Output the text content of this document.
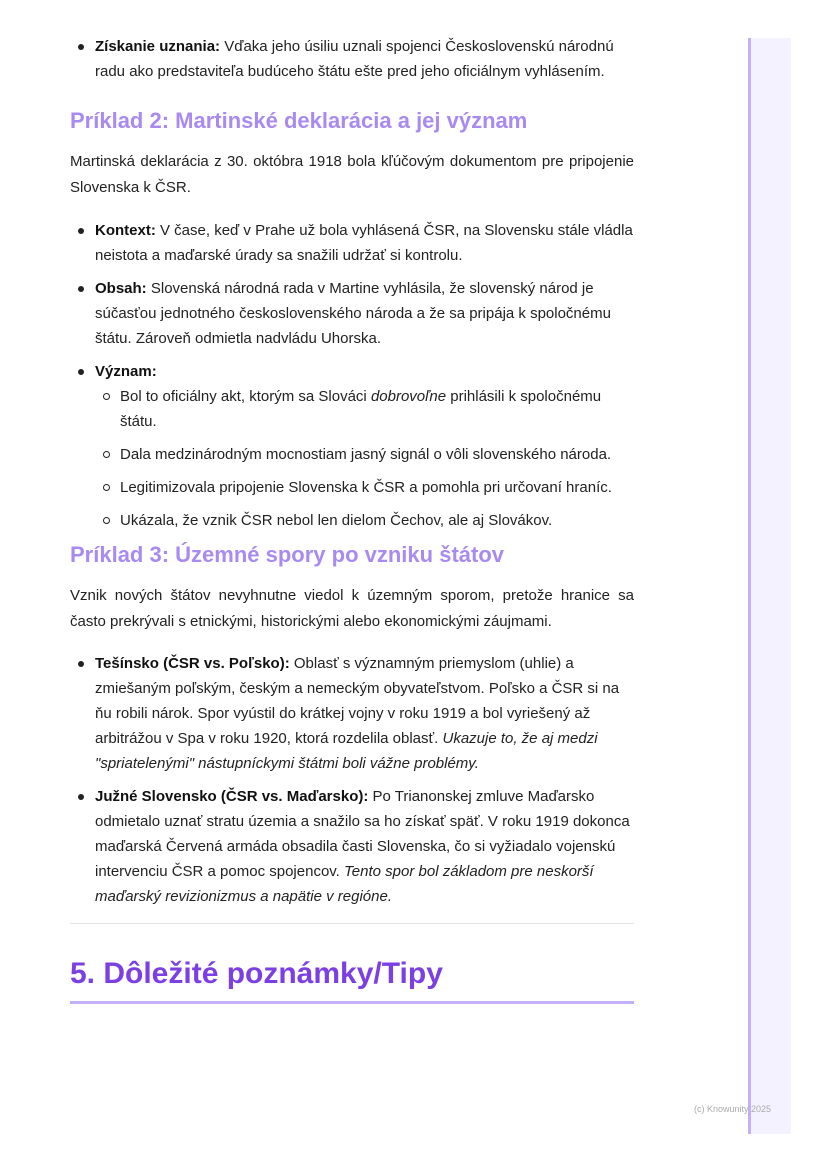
Získanie uznania: Vďaka jeho úsiliu uznali spojenci Československú národnú radu ako predstaviteľa budúceho štátu ešte pred jeho oficiálnym vyhlásením.
Príklad 2: Martinské deklarácia a jej význam

Martinská deklarácia z 30. októbra 1918 bola kľúčovým dokumentom pre pripojenie Slovenska k ČSR.

Kontext: V čase, keď v Prahe už bola vyhlásená ČSR, na Slovensku stále vládla neistota a maďarské úrady sa snažili udržať si kontrolu.
Obsah: Slovenská národná rada v Martine vyhlásila, že slovenský národ je súčasťou jednotného československého národa a že sa pripája k spoločnému štátu. Zároveň odmietla nadvládu Uhorska.
Význam:
Bol to oficiálny akt, ktorým sa Slováci dobrovoľne prihlásili k spoločnému štátu.
Dala medzinárodným mocnostiam jasný signál o vôli slovenského národa.
Legitimizovala pripojenie Slovenska k ČSR a pomohla pri určovaní hraníc.
Ukázala, že vznik ČSR nebol len dielom Čechov, ale aj Slovákov.
Príklad 3: Územné spory po vzniku štátov

Vznik nových štátov nevyhnutne viedol k územným sporom, pretože hranice sa často prekrývali s etnickými, historickými alebo ekonomickými záujmami.

Tešínsko (ČSR vs. Poľsko): Oblasť s významným priemyslom (uhlie) a zmiešaným poľským, českým a nemeckým obyvateľstvom. Poľsko a ČSR si na ňu robili nárok. Spor vyústil do krátkej vojny v roku 1919 a bol vyriešený až arbitrážou v Spa v roku 1920, ktorá rozdelila oblasť. Ukazuje to, že aj medzi "spriatelenými" nástupníckymi štátmi boli vážne problémy.
Južné Slovensko (ČSR vs. Maďarsko): Po Trianonskej zmluve Maďarsko odmietalo uznať stratu územia a snažilo sa ho získať späť. V roku 1919 dokonca maďarská Červená armáda obsadila časti Slovenska, čo si vyžiadalo vojenskú intervenciu ČSR a pomoc spojencov. Tento spor bol základom pre neskorší maďarský revizionizmus a napätie v regióne.
5. Dôležité poznámky/Tipy
(c) Knowunity 2025
